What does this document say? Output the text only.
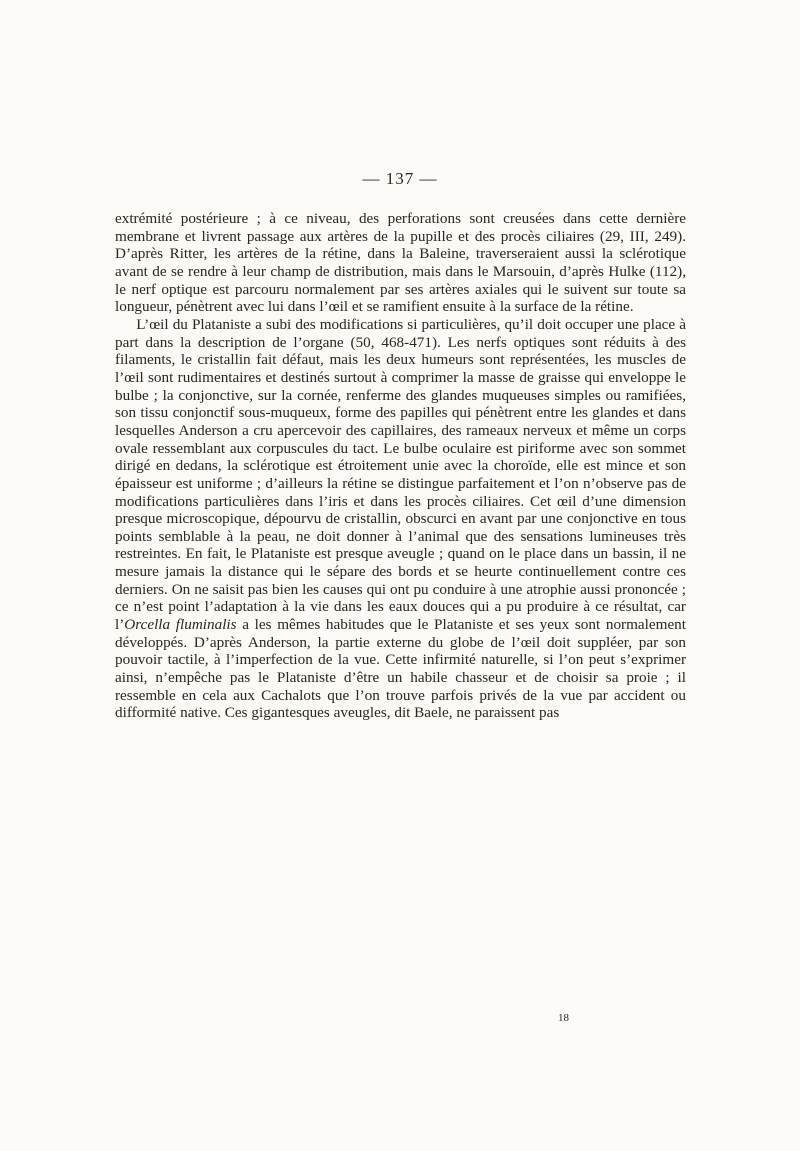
— 137 —

extrémité postérieure ; à ce niveau, des perforations sont creusées dans cette dernière membrane et livrent passage aux artères de la pupille et des procès ciliaires (29, III, 249). D’après Ritter, les artères de la rétine, dans la Baleine, traverseraient aussi la sclérotique avant de se rendre à leur champ de distribution, mais dans le Marsouin, d’après Hulke (112), le nerf optique est parcouru normalement par ses artères axiales qui le suivent sur toute sa longueur, pénètrent avec lui dans l’œil et se ramifient ensuite à la surface de la rétine.

L’œil du Plataniste a subi des modifications si particulières, qu’il doit occuper une place à part dans la description de l’organe (50, 468-471). Les nerfs optiques sont réduits à des filaments, le cristallin fait défaut, mais les deux humeurs sont représentées, les muscles de l’œil sont rudimentaires et destinés surtout à comprimer la masse de graisse qui enveloppe le bulbe ; la conjonctive, sur la cornée, renferme des glandes muqueuses simples ou ramifiées, son tissu conjonctif sous-muqueux, forme des papilles qui pénètrent entre les glandes et dans lesquelles Anderson a cru apercevoir des capillaires, des rameaux nerveux et même un corps ovale ressemblant aux corpuscules du tact. Le bulbe oculaire est piriforme avec son sommet dirigé en dedans, la sclérotique est étroitement unie avec la choroïde, elle est mince et son épaisseur est uniforme ; d’ailleurs la rétine se distingue parfaitement et l’on n’observe pas de modifications particulières dans l’iris et dans les procès ciliaires. Cet œil d’une dimension presque microscopique, dépourvu de cristallin, obscurci en avant par une conjonctive en tous points semblable à la peau, ne doit donner à l’animal que des sensations lumineuses très restreintes. En fait, le Plataniste est presque aveugle ; quand on le place dans un bassin, il ne mesure jamais la distance qui le sépare des bords et se heurte continuellement contre ces derniers. On ne saisit pas bien les causes qui ont pu conduire à une atrophie aussi prononcée ; ce n’est point l’adaptation à la vie dans les eaux douces qui a pu produire à ce résultat, car l’Orcella fluminalis a les mêmes habitudes que le Plataniste et ses yeux sont normalement développés. D’après Anderson, la partie externe du globe de l’œil doit suppléer, par son pouvoir tactile, à l’imperfection de la vue. Cette infirmité naturelle, si l’on peut s’exprimer ainsi, n’empêche pas le Plataniste d’être un habile chasseur et de choisir sa proie ; il ressemble en cela aux Cachalots que l’on trouve parfois privés de la vue par accident ou difformité native. Ces gigantesques aveugles, dit Baele, ne paraissent pas

18
